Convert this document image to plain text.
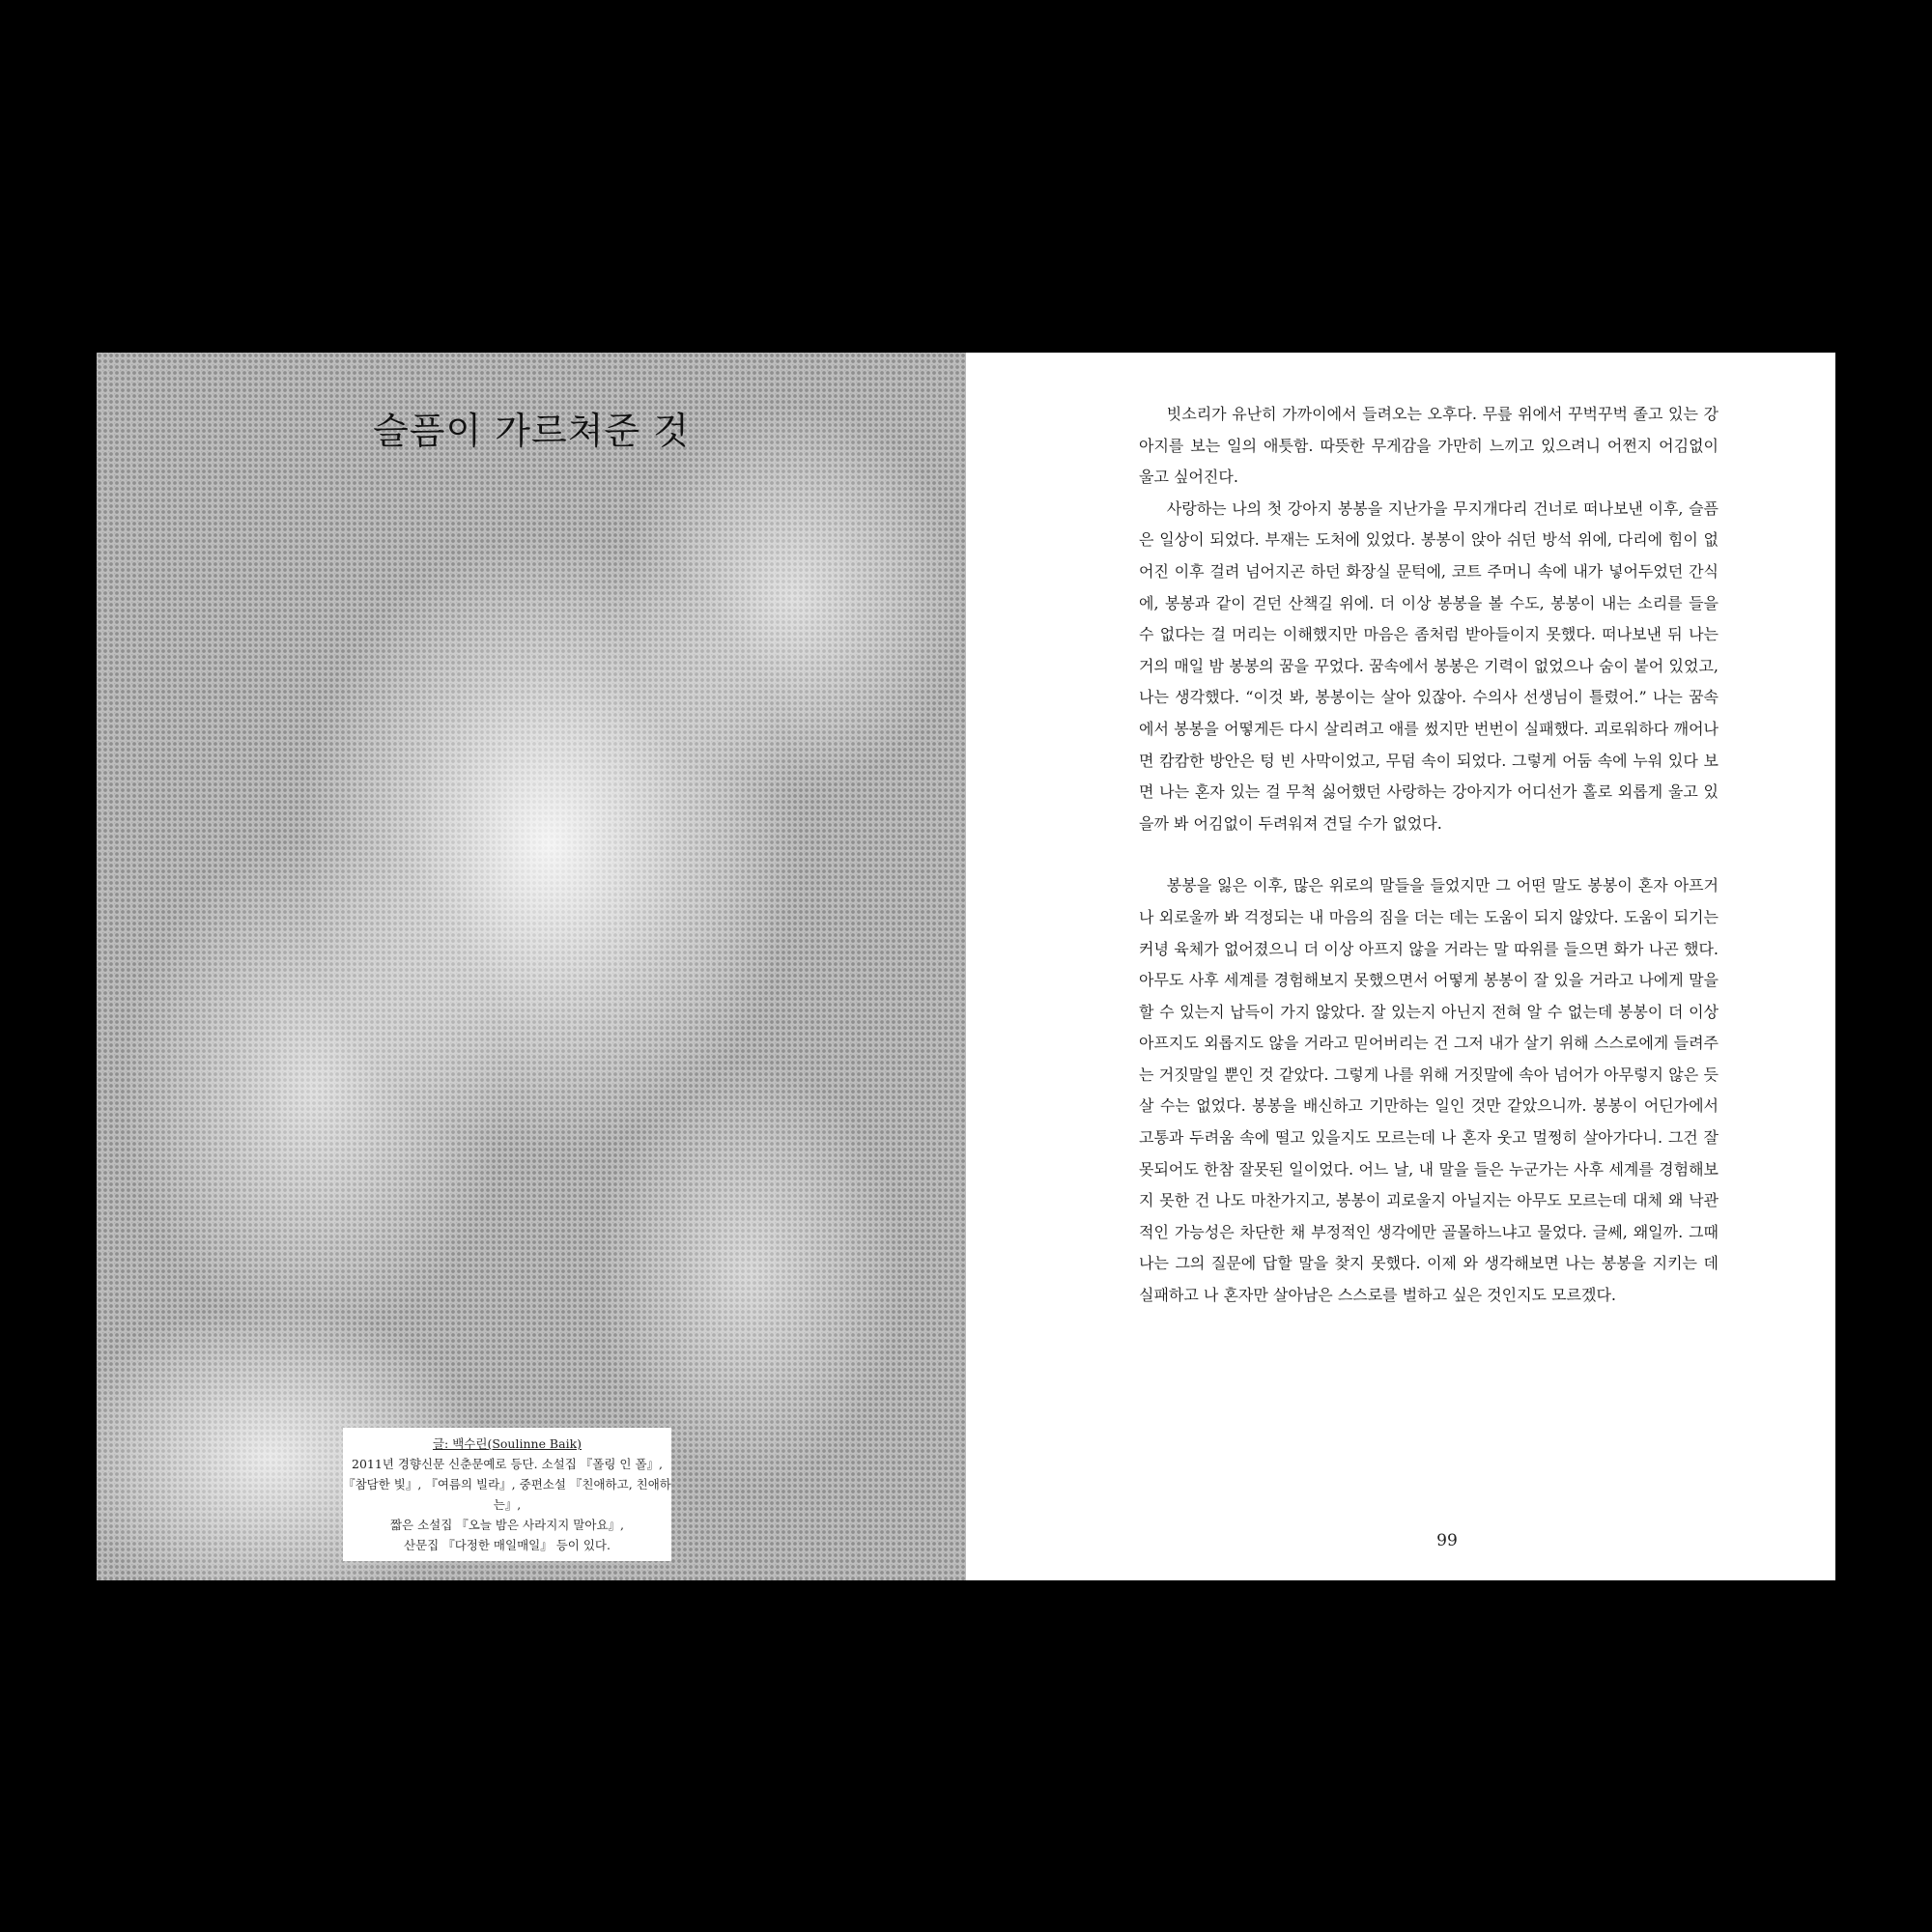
슬픔이 가르쳐준 것
글: 백수린(Soulinne Baik)
2011년 경향신문 신춘문예로 등단. 소설집 『폴링 인 폴』,
『참담한 빛』, 『여름의 빌라』, 중편소설 『친애하고, 친애하는』,
짧은 소설집 『오늘 밤은 사라지지 말아요』,
산문집 『다정한 매일매일』 등이 있다.

빗소리가 유난히 가까이에서 들려오는 오후다. 무릎 위에서 꾸벅꾸벅 졸고 있는 강아지를 보는 일의 애틋함. 따뜻한 무게감을 가만히 느끼고 있으려니 어쩐지 어김없이 울고 싶어진다.

사랑하는 나의 첫 강아지 봉봉을 지난가을 무지개다리 건너로 떠나보낸 이후, 슬픔은 일상이 되었다. 부재는 도처에 있었다. 봉봉이 앉아 쉬던 방석 위에, 다리에 힘이 없어진 이후 걸려 넘어지곤 하던 화장실 문턱에, 코트 주머니 속에 내가 넣어두었던 간식에, 봉봉과 같이 걷던 산책길 위에. 더 이상 봉봉을 볼 수도, 봉봉이 내는 소리를 들을 수 없다는 걸 머리는 이해했지만 마음은 좀처럼 받아들이지 못했다. 떠나보낸 뒤 나는 거의 매일 밤 봉봉의 꿈을 꾸었다. 꿈속에서 봉봉은 기력이 없었으나 숨이 붙어 있었고, 나는 생각했다. “이것 봐, 봉봉이는 살아 있잖아. 수의사 선생님이 틀렸어.” 나는 꿈속에서 봉봉을 어떻게든 다시 살리려고 애를 썼지만 번번이 실패했다. 괴로워하다 깨어나면 캄캄한 방안은 텅 빈 사막이었고, 무덤 속이 되었다. 그렇게 어둠 속에 누워 있다 보면 나는 혼자 있는 걸 무척 싫어했던 사랑하는 강아지가 어디선가 홀로 외롭게 울고 있을까 봐 어김없이 두려워져 견딜 수가 없었다.

봉봉을 잃은 이후, 많은 위로의 말들을 들었지만 그 어떤 말도 봉봉이 혼자 아프거나 외로울까 봐 걱정되는 내 마음의 짐을 더는 데는 도움이 되지 않았다. 도움이 되기는커녕 육체가 없어졌으니 더 이상 아프지 않을 거라는 말 따위를 들으면 화가 나곤 했다. 아무도 사후 세계를 경험해보지 못했으면서 어떻게 봉봉이 잘 있을 거라고 나에게 말을 할 수 있는지 납득이 가지 않았다. 잘 있는지 아닌지 전혀 알 수 없는데 봉봉이 더 이상 아프지도 외롭지도 않을 거라고 믿어버리는 건 그저 내가 살기 위해 스스로에게 들려주는 거짓말일 뿐인 것 같았다. 그렇게 나를 위해 거짓말에 속아 넘어가 아무렇지 않은 듯 살 수는 없었다. 봉봉을 배신하고 기만하는 일인 것만 같았으니까. 봉봉이 어딘가에서 고통과 두려움 속에 떨고 있을지도 모르는데 나 혼자 웃고 멀쩡히 살아가다니. 그건 잘못되어도 한참 잘못된 일이었다. 어느 날, 내 말을 들은 누군가는 사후 세계를 경험해보지 못한 건 나도 마찬가지고, 봉봉이 괴로울지 아닐지는 아무도 모르는데 대체 왜 낙관적인 가능성은 차단한 채 부정적인 생각에만 골몰하느냐고 물었다. 글쎄, 왜일까. 그때 나는 그의 질문에 답할 말을 찾지 못했다. 이제 와 생각해보면 나는 봉봉을 지키는 데 실패하고 나 혼자만 살아남은 스스로를 벌하고 싶은 것인지도 모르겠다.

99
